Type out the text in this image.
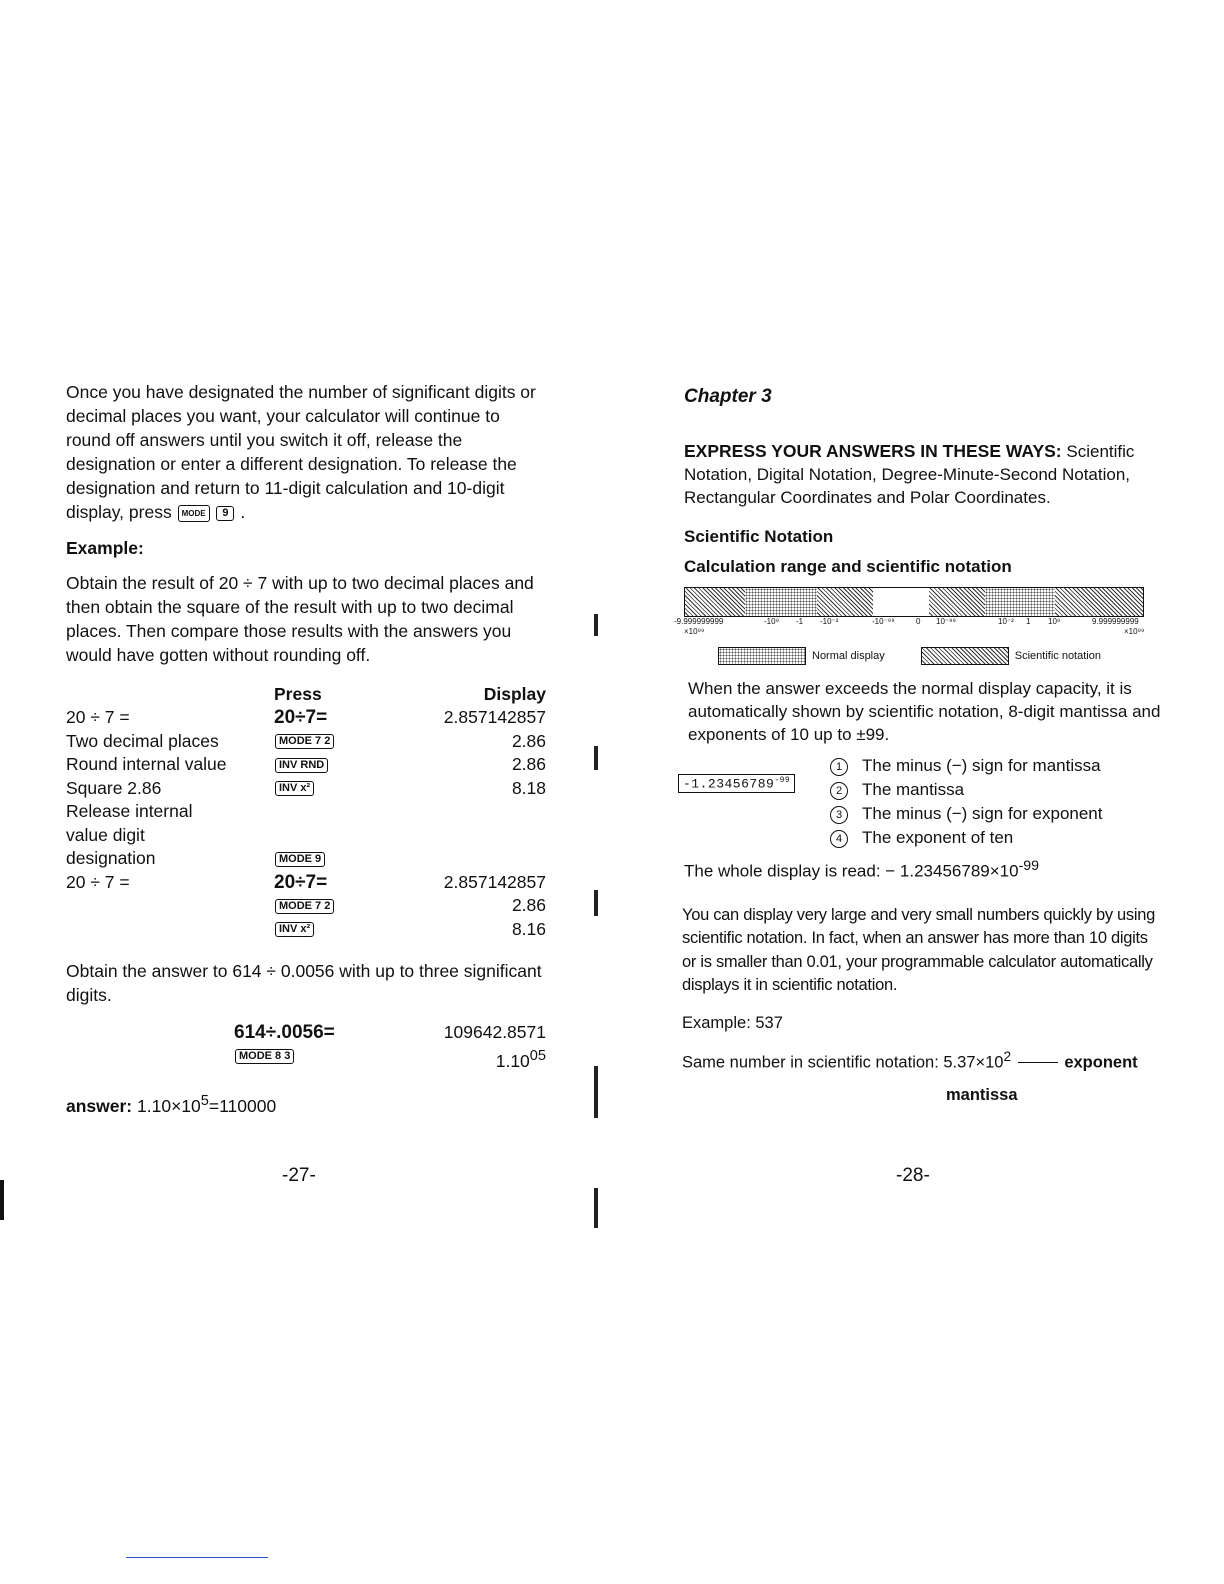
Once you have designated the number of significant digits or decimal places you want, your calculator will continue to round off answers until you switch it off, release the designation or enter a different designation. To release the designation and return to 11-digit calculation and 10-digit display, press MODE 9 .

Example:

Obtain the result of 20 ÷ 7 with up to two decimal places and then obtain the square of the result with up to two decimal places. Then compare those results with the answers you would have gotten without rounding off.

	Press	Display
20 ÷ 7 =	20÷7=	2.857142857
Two decimal places	MODE 7 2	2.86
Round internal value	INV RND	2.86
Square 2.86	INV x²	8.18
Release internal		
value digit		
designation	MODE 9	
20 ÷ 7 =	20÷7=	2.857142857
	MODE 7 2	2.86
	INV x²	8.16

Obtain the answer to 614 ÷ 0.0056 with up to three significant digits.

	614÷.0056=	109642.8571
	MODE 8 3	1.10$^{05}$

answer: $1.10\times 10^5=110000$

-27-
Chapter 3

EXPRESS YOUR ANSWERS IN THESE WAYS: Scientific Notation, Digital Notation, Degree-Minute-Second Notation, Rectangular Coordinates and Polar Coordinates.

Scientific Notation
Calculation range and scientific notation
-9.999999999	-10⁹ -1 -10⁻²	-10⁻⁹⁹	0 10⁻⁹⁹	10⁻² 1 10⁹	9.999999999
×10⁹⁹	×10⁹⁹
Normal display	Scientific notation

When the answer exceeds the normal display capacity, it is automatically shown by scientific notation, 8-digit mantissa and exponents of 10 up to ±99.

$-1.23456789^{-99}$
1 The minus (−) sign for mantissa
2 The mantissa
3 The minus (−) sign for exponent
4 The exponent of ten

The whole display is read: − $1.23456789\times 10^{-99}$

You can display very large and very small numbers quickly by using scientific notation. In fact, when an answer has more than 10 digits or is smaller than 0.01, your programmable calculator automatically displays it in scientific notation.

Example: 537

Same number in scientific notation: $5.37\times 10^2$	exponent

mantissa
-28-
